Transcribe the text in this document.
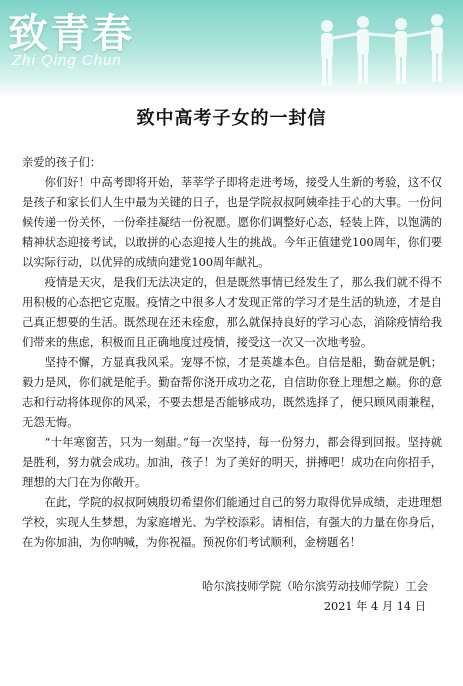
致青春
Zhi Qing Chun
致中高考子女的一封信

亲爱的孩子们：

你们好！中高考即将开始，莘莘学子即将走进考场，接受人生新的考验，这不仅是孩子和家长们人生中最为关键的日子，也是学院叔叔阿姨牵挂于心的大事。一份问候传递一份关怀，一份牵挂凝结一份祝愿。愿你们调整好心态，轻装上阵，以饱满的精神状态迎接考试，以敢拼的心态迎接人生的挑战。今年正值建党100周年，你们要以实际行动，以优异的成绩向建党100周年献礼。

疫情是天灾，是我们无法决定的，但是既然事情已经发生了，那么我们就不得不用积极的心态把它克服。疫情之中很多人才发现正常的学习才是生活的轨迹，才是自己真正想要的生活。既然现在还未痊愈，那么就保持良好的学习心态，消除疫情给我们带来的焦虑，积极而且正确地度过疫情，接受这一次又一次地考验。

坚持不懈，方显真我风采。宠辱不惊，才是英雄本色。自信是船，勤奋就是帆；毅力是风，你们就是舵手。勤奋帮你浇开成功之花，自信助你登上理想之巅。你的意志和行动将体现你的风采，不要去想是否能够成功，既然选择了，便只顾风雨兼程，无怨无悔。

“十年寒窗苦，只为一刻甜。”每一次坚持，每一份努力，都会得到回报。坚持就是胜利，努力就会成功。加油，孩子！为了美好的明天，拼搏吧！成功在向你招手，理想的大门在为你敞开。

在此，学院的叔叔阿姨殷切希望你们能通过自己的努力取得优异成绩，走进理想学校，实现人生梦想，为家庭增光、为学校添彩。请相信，有强大的力量在你身后，在为你加油，为你呐喊，为你祝福。预祝你们考试顺利，金榜题名！

哈尔滨技师学院（哈尔滨劳动技师学院）工会

2021 年 4 月 14 日
